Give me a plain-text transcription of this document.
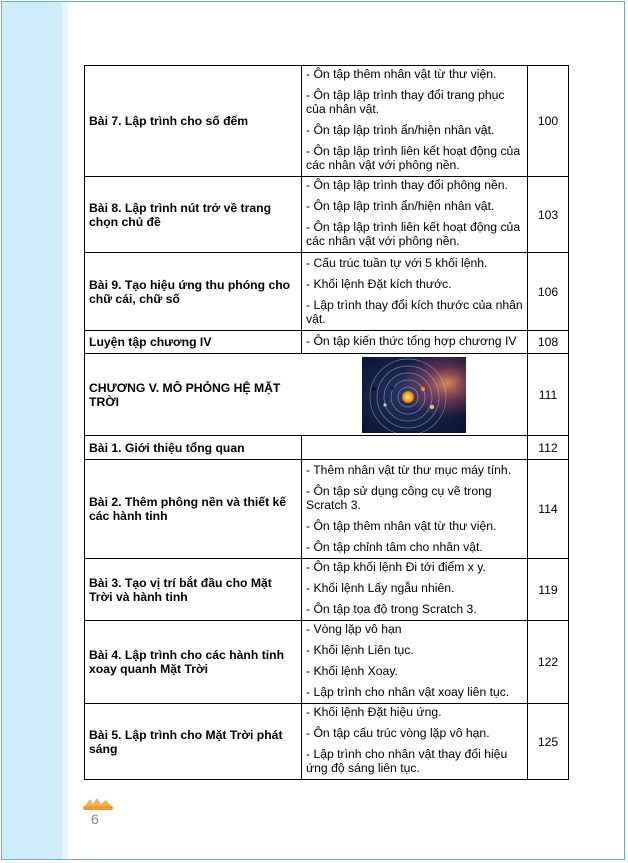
Bài 7. Lập trình cho số đếm	- Ôn tập thêm nhân vật từ thư viện.
- Ôn tập lập trình thay đổi trang phục của nhân vật.
- Ôn tập lập trình ẩn/hiện nhân vật.
- Ôn tập lập trình liên kết hoạt động của các nhân vật với phông nền.	100
Bài 8. Lập trình nút trở về trang chọn chủ đề	- Ôn tập lập trình thay đổi phông nền.
- Ôn tập lập trình ẩn/hiện nhân vật.
- Ôn tập lập trình liên kết hoạt động của các nhân vật với phông nền.	103
Bài 9. Tạo hiệu ứng thu phóng cho chữ cái, chữ số	- Cấu trúc tuần tự với 5 khối lệnh.
- Khối lệnh Đặt kích thước.
- Lập trình thay đổi kích thước của nhân vật.	106
Luyện tập chương IV	- Ôn tập kiến thức tổng hợp chương IV	108
CHƯƠNG V. MÔ PHỎNG HỆ MẶT TRỜI		111
Bài 1. Giới thiệu tổng quan		112
Bài 2. Thêm phông nền và thiết kế các hành tinh	- Thêm nhân vật từ thư mục máy tính.
- Ôn tập sử dụng công cụ vẽ trong Scratch 3.
- Ôn tập thêm nhân vật từ thư viện.
- Ôn tập chỉnh tâm cho nhân vật.	114
Bài 3. Tạo vị trí bắt đầu cho Mặt Trời và hành tinh	- Ôn tập khối lệnh Đi tới điểm x y.
- Khối lệnh Lấy ngẫu nhiên.
- Ôn tập tọa độ trong Scratch 3.	119
Bài 4. Lập trình cho các hành tinh xoay quanh Mặt Trời	- Vòng lặp vô hạn
- Khối lệnh Liên tục.
- Khối lệnh Xoay.
- Lập trình cho nhân vật xoay liên tục.	122
Bài 5. Lập trình cho Mặt Trời phát sáng	- Khối lệnh Đặt hiệu ứng.
- Ôn tập cấu trúc vòng lặp vô hạn.
- Lập trình cho nhân vật thay đổi hiệu ứng độ sáng liên tục.	125
6
